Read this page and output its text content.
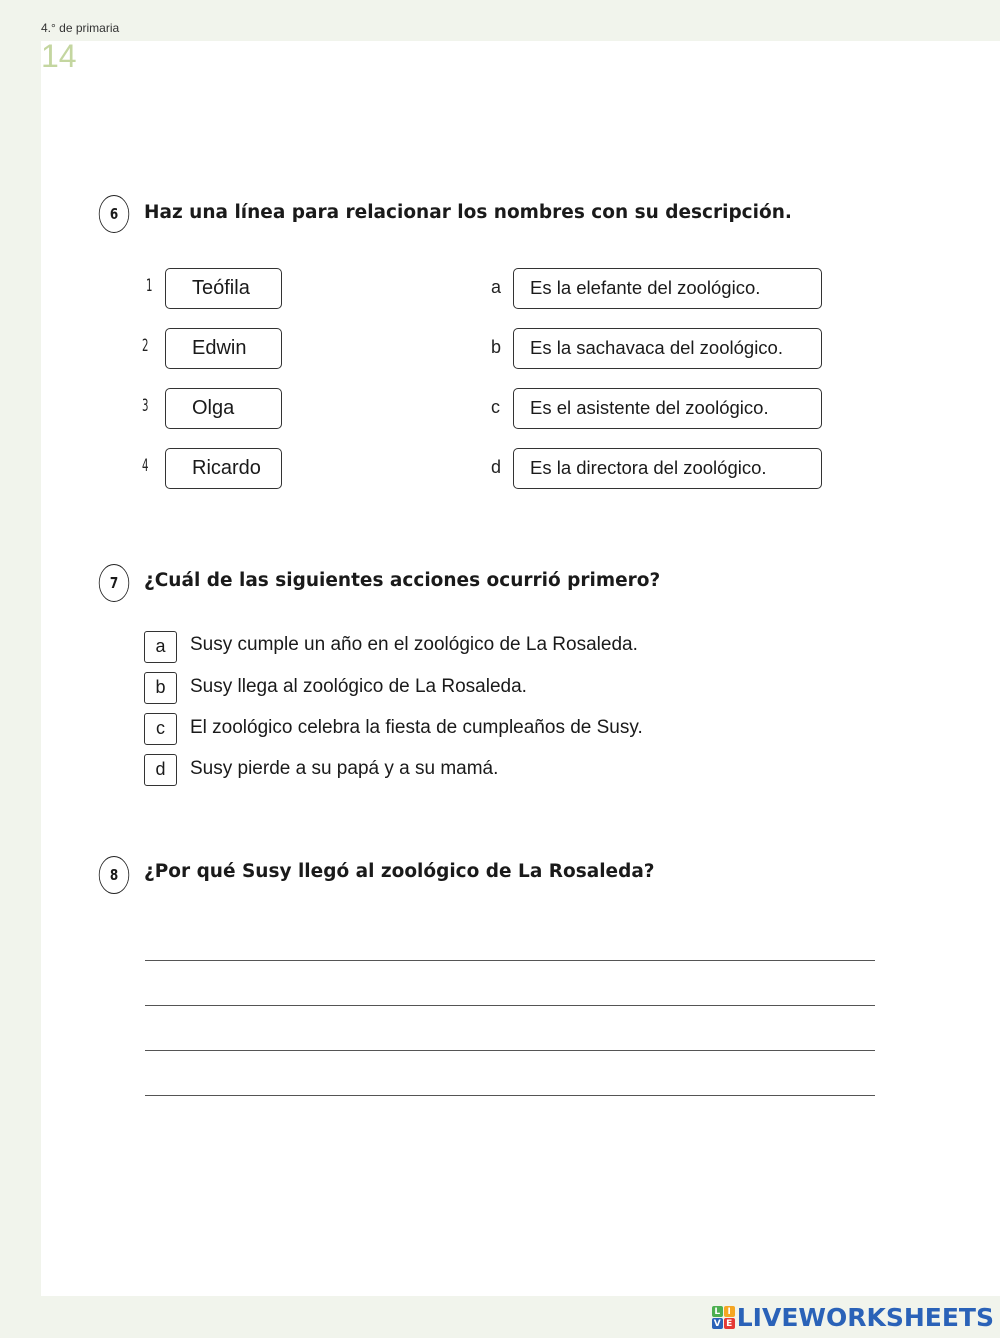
4.° de primaria
14
6	Haz una línea para relacionar los nombres con su descripción.
1	Teófila
2	Edwin
3	Olga
4	Ricardo
a	Es la elefante del zoológico.
b	Es la sachavaca del zoológico.
c	Es el asistente del zoológico.
d	Es la directora del zoológico.
7	¿Cuál de las siguientes acciones ocurrió primero?
a	Susy cumple un año en el zoológico de La Rosaleda.
b	Susy llega al zoológico de La Rosaleda.
c	El zoológico celebra la fiesta de cumpleaños de Susy.
d	Susy pierde a su papá y a su mamá.
8	¿Por qué Susy llegó al zoológico de La Rosaleda?
L I
V E LIVEWORKSHEETS
